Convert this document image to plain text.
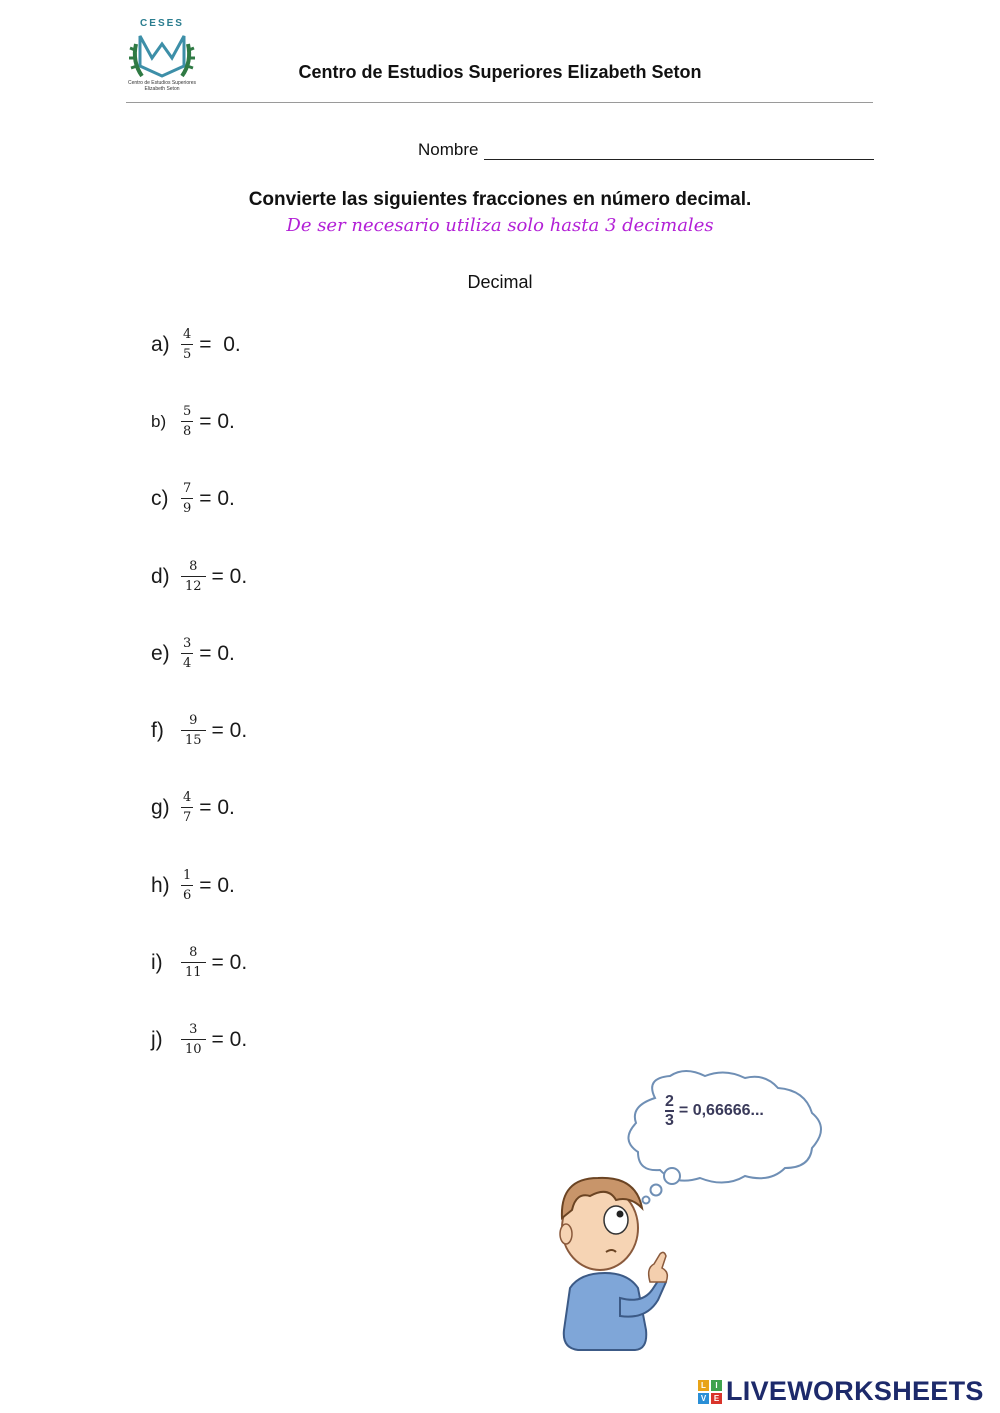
CESES
Centro de Estudios Superiores Elizabeth Seton
Centro de Estudios Superiores Elizabeth Seton
Nombre
Convierte las siguientes fracciones en número decimal.
De ser necesario utiliza solo hasta 3 decimales
Decimal
$a) \frac{4}{5} = 0$.
b)	$\frac{5}{8} = 0$.
$c) \frac{7}{9} = 0$.
$d) \frac{8}{12} = 0$.
$e) \frac{3}{4} = 0$.
f)	$\frac{9}{15} = 0$.
$g) \frac{4}{7} = 0$.
$h) \frac{1}{6} = 0$.
i)	$\frac{8}{11} = 0$.
j)	$\frac{3}{10} = 0$.
$\frac{2}{3} = 0,66666$...
L	I
V E LIVEWORKSHEETS
